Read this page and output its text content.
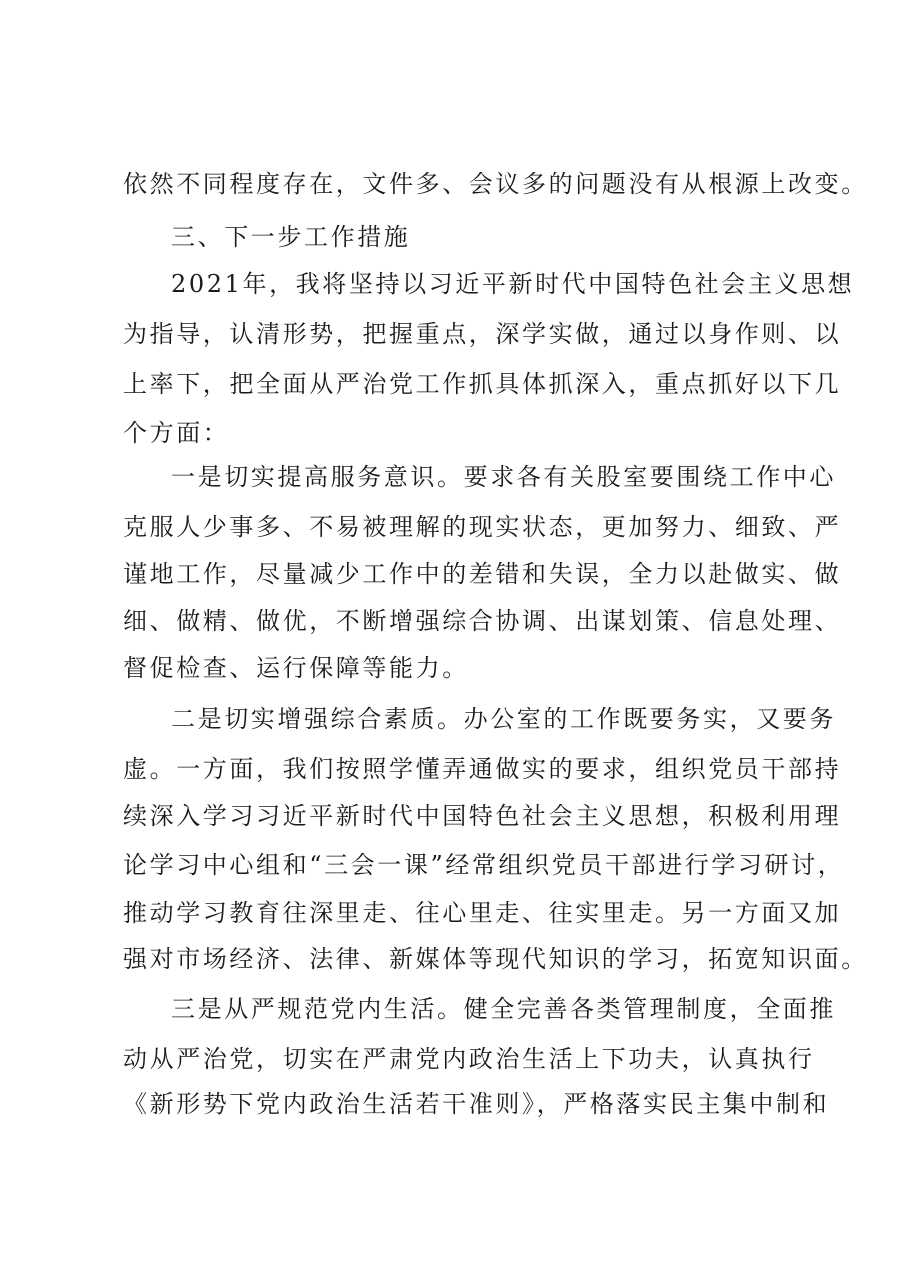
依然不同程度存在，文件多、会议多的问题没有从根源上改变。
三、下一步工作措施
2021年，我将坚持以习近平新时代中国特色社会主义思想
为指导，认清形势，把握重点，深学实做，通过以身作则、以
上率下，把全面从严治党工作抓具体抓深入，重点抓好以下几
个方面：
一是切实提高服务意识。要求各有关股室要围绕工作中心
克服人少事多、不易被理解的现实状态，更加努力、细致、严
谨地工作，尽量减少工作中的差错和失误，全力以赴做实、做
细、做精、做优，不断增强综合协调、出谋划策、信息处理、
督促检查、运行保障等能力。
二是切实增强综合素质。办公室的工作既要务实，又要务
虚。一方面，我们按照学懂弄通做实的要求，组织党员干部持
续深入学习习近平新时代中国特色社会主义思想，积极利用理
论学习中心组和“三会一课”经常组织党员干部进行学习研讨，
推动学习教育往深里走、往心里走、往实里走。另一方面又加
强对市场经济、法律、新媒体等现代知识的学习，拓宽知识面。
三是从严规范党内生活。健全完善各类管理制度，全面推
动从严治党，切实在严肃党内政治生活上下功夫，认真执行
《新形势下党内政治生活若干准则》，严格落实民主集中制和
